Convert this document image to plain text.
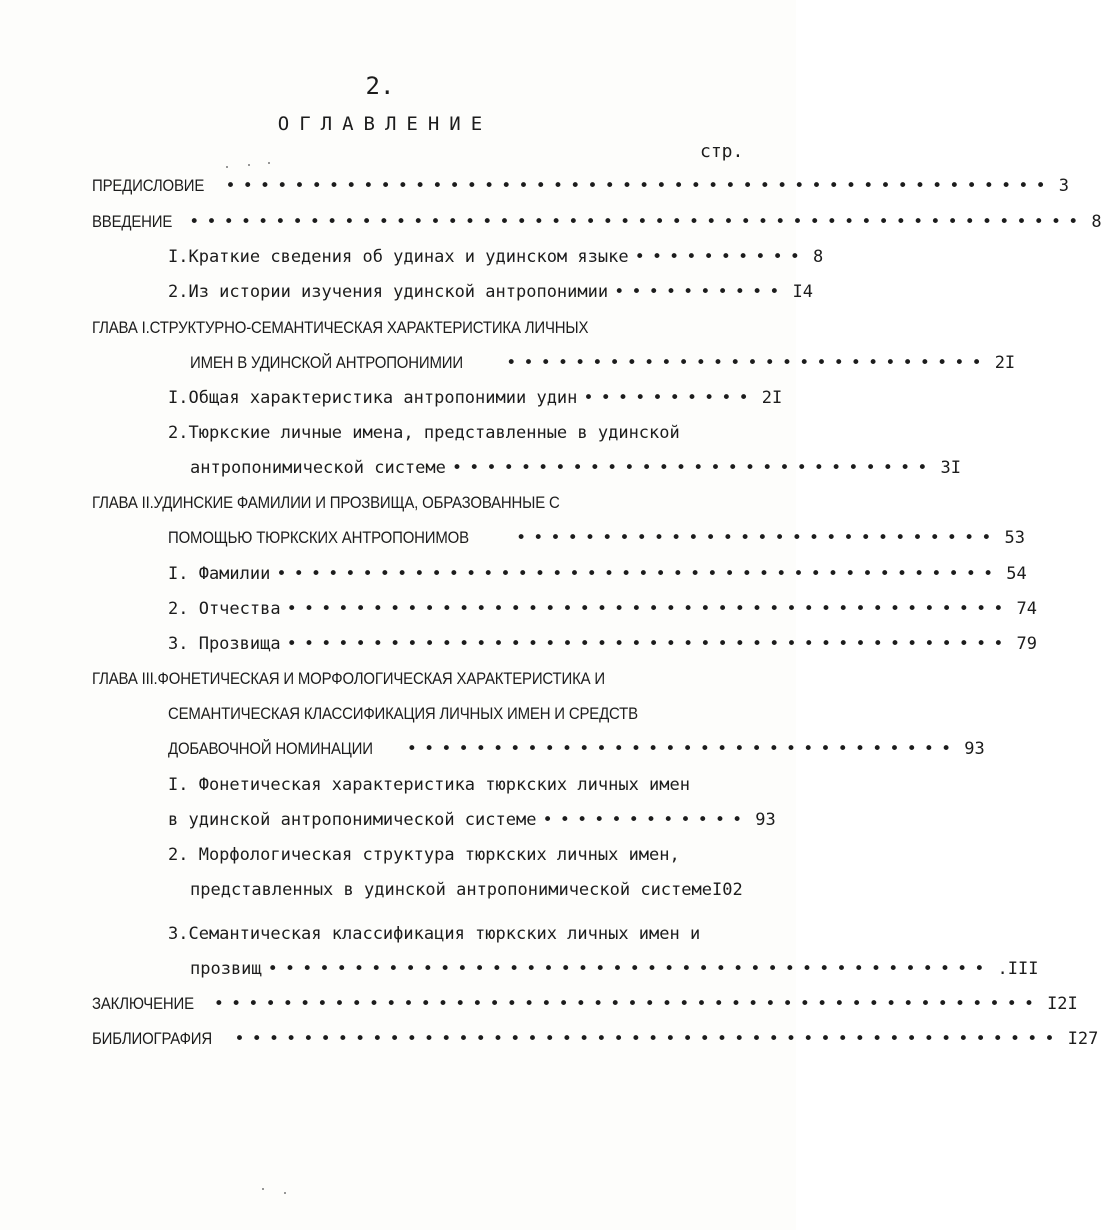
2.
ОГЛАВЛЕНИЕ
стр.
ПРЕДИСЛОВИЕ •••••••••••••••••••••••••••••••••••••••••••••••• 3
ВВЕДЕНИЕ •••••••••••••••••••••••••••••••••••••••••••••••••••• 8
I.Краткие сведения об удинах и удинском языке •••••••••• 8
2.Из истории изучения удинской антропонимии •••••••••• I4
ГЛАВА I.СТРУКТУРНО-СЕМАНТИЧЕСКАЯ ХАРАКТЕРИСТИКА ЛИЧНЫХ
ИМЕН В УДИНСКОЙ АНТРОПОНИМИИ	•••••••••••••••••••••••••••• 2I
I.Общая характеристика антропонимии удин •••••••••• 2I
2.Тюркские личные имена, представленные в удинской
антропонимической системе •••••••••••••••••••••••••••• 3I
ГЛАВА II.УДИНСКИЕ ФАМИЛИИ И ПРОЗВИЩА, ОБРАЗОВАННЫЕ С
ПОМОЩЬЮ ТЮРКСКИХ АНТРОПОНИМОВ	•••••••••••••••••••••••••••• 53
I. Фамилии •••••••••••••••••••••••••••••••••••••••••• 54
2. Отчества •••••••••••••••••••••••••••••••••••••••••• 74
3. Прозвища •••••••••••••••••••••••••••••••••••••••••• 79
ГЛАВА III.ФОНЕТИЧЕСКАЯ И МОРФОЛОГИЧЕСКАЯ ХАРАКТЕРИСТИКА И
СЕМАНТИЧЕСКАЯ КЛАССИФИКАЦИЯ ЛИЧНЫХ ИМЕН И СРЕДСТВ
ДОБАВОЧНОЙ НОМИНАЦИИ •••••••••••••••••••••••••••••••• 93
I. Фонетическая характеристика тюркских личных имен
в удинской антропонимической системе •••••••••••• 93
2. Морфологическая структура тюркских личных имен,
представленных в удинской антропонимической системеI02
3.Семантическая классификация тюркских личных имен и
прозвищ •••••••••••••••••••••••••••••••••••••••••• .III
ЗАКЛЮЧЕНИЕ •••••••••••••••••••••••••••••••••••••••••••••••• I2I
БИБЛИОГРАФИЯ •••••••••••••••••••••••••••••••••••••••••••••••• I27
